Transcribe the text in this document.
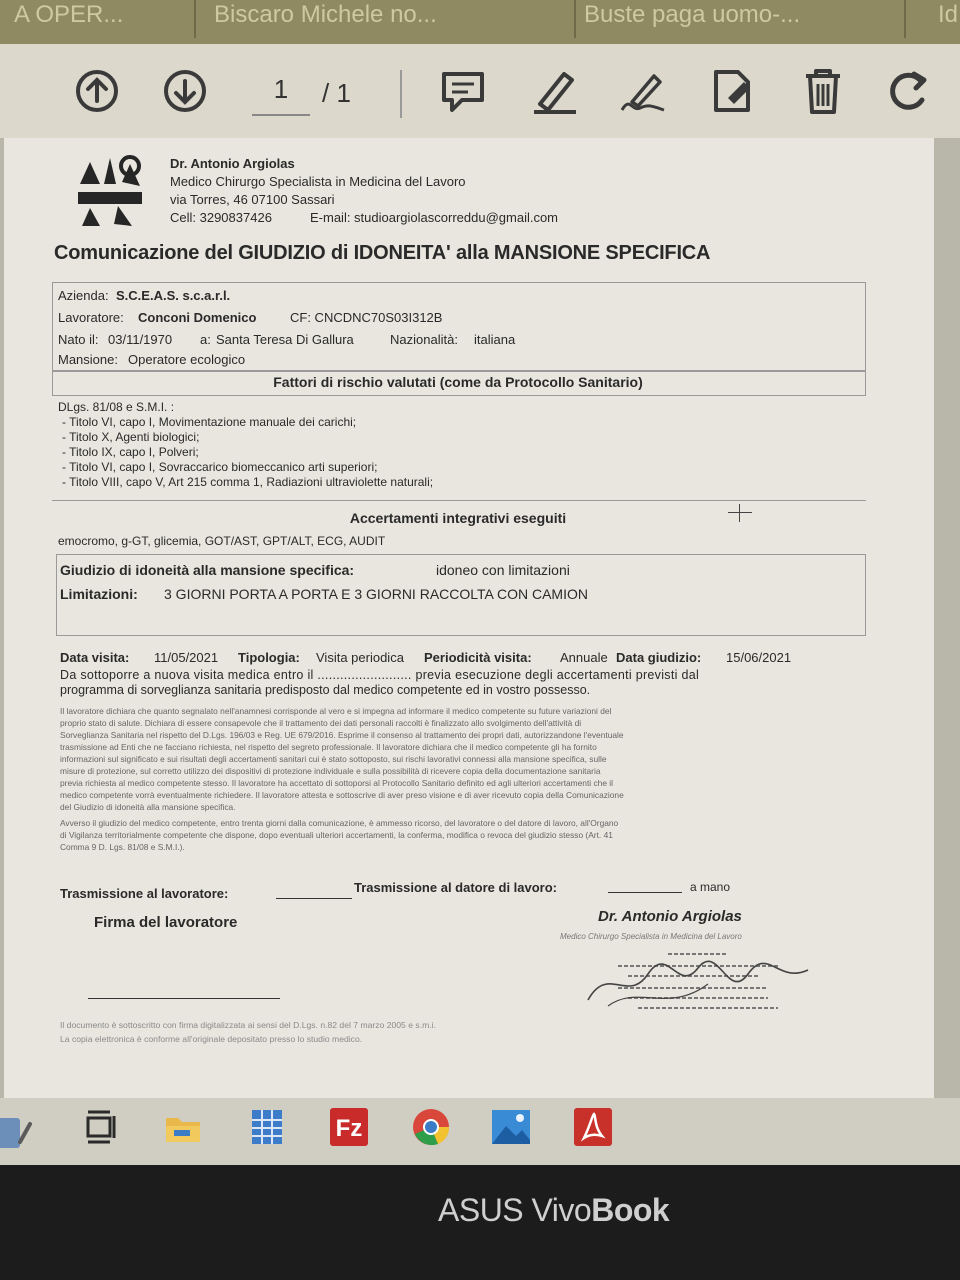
A OPER...	Biscaro Michele no...	Buste paga uomo-...	Id
1	/ 1
Dr. Antonio Argiolas
Medico Chirurgo Specialista in Medicina del Lavoro
via Torres, 46 07100 Sassari
Cell: 3290837426	E-mail: studioargiolascorreddu@gmail.com
Comunicazione del GIUDIZIO di IDONEITA' alla MANSIONE SPECIFICA
Azienda: S.C.E.A.S. s.c.a.r.l.
Lavoratore: Conconi Domenico	CF: CNCDNC70S03I312B
Nato il: 03/11/1970 a: Santa Teresa Di Gallura	Nazionalità: italiana
Mansione: Operatore ecologico
Fattori di rischio valutati (come da Protocollo Sanitario)
DLgs. 81/08 e S.M.I. :
- Titolo VI, capo I, Movimentazione manuale dei carichi;
- Titolo X, Agenti biologici;
- Titolo IX, capo I, Polveri;
- Titolo VI, capo I, Sovraccarico biomeccanico arti superiori;
- Titolo VIII, capo V, Art 215 comma 1, Radiazioni ultraviolette naturali;
Accertamenti integrativi eseguiti
emocromo, g-GT, glicemia, GOT/AST, GPT/ALT, ECG, AUDIT
Giudizio di idoneità alla mansione specifica:	idoneo con limitazioni
Limitazioni: 3 GIORNI PORTA A PORTA E 3 GIORNI RACCOLTA CON CAMION
Data visita: 11/05/2021 Tipologia: Visita periodica Periodicità visita: Annuale Data giudizio: 15/06/2021
Da sottoporre a nuova visita medica entro il ......................... previa esecuzione degli accertamenti previsti dal
programma di sorveglianza sanitaria predisposto dal medico competente ed in vostro possesso.
Il lavoratore dichiara che quanto segnalato nell'anamnesi corrisponde al vero e si impegna ad informare il medico competente su future variazioni del
proprio stato di salute. Dichiara di essere consapevole che il trattamento dei dati personali raccolti è finalizzato allo svolgimento dell'attività di
Sorveglianza Sanitaria nel rispetto del D.Lgs. 196/03 e Reg. UE 679/2016. Esprime il consenso al trattamento dei propri dati, autorizzandone l'eventuale
trasmissione ad Enti che ne facciano richiesta, nel rispetto del segreto professionale. Il lavoratore dichiara che il medico competente gli ha fornito
informazioni sul significato e sui risultati degli accertamenti sanitari cui è stato sottoposto, sui rischi lavorativi connessi alla mansione specifica, sulle
misure di protezione, sul corretto utilizzo dei dispositivi di protezione individuale e sulla possibilità di ricevere copia della documentazione sanitaria
previa richiesta al medico competente stesso. Il lavoratore ha accettato di sottoporsi al Protocollo Sanitario definito ed agli ulteriori accertamenti che il
medico competente vorrà eventualmente richiedere. Il lavoratore attesta e sottoscrive di aver preso visione e di aver ricevuto copia della Comunicazione
del Giudizio di idoneità alla mansione specifica.
Avverso il giudizio del medico competente, entro trenta giorni dalla comunicazione, è ammesso ricorso, del lavoratore o del datore di lavoro, all'Organo
di Vigilanza territorialmente competente che dispone, dopo eventuali ulteriori accertamenti, la conferma, modifica o revoca del giudizio stesso (Art. 41
Comma 9 D. Lgs. 81/08 e S.M.I.).
Trasmissione al lavoratore:	Trasmissione al datore di lavoro:	a mano
Firma del lavoratore	Dr. Antonio Argiolas
Medico Chirurgo Specialista in Medicina del Lavoro
Il documento è sottoscritto con firma digitalizzata ai sensi del D.Lgs. n.82 del 7 marzo 2005 e s.m.i.
La copia elettronica è conforme all'originale depositato presso lo studio medico.
Fz
ASUS VivoBook
